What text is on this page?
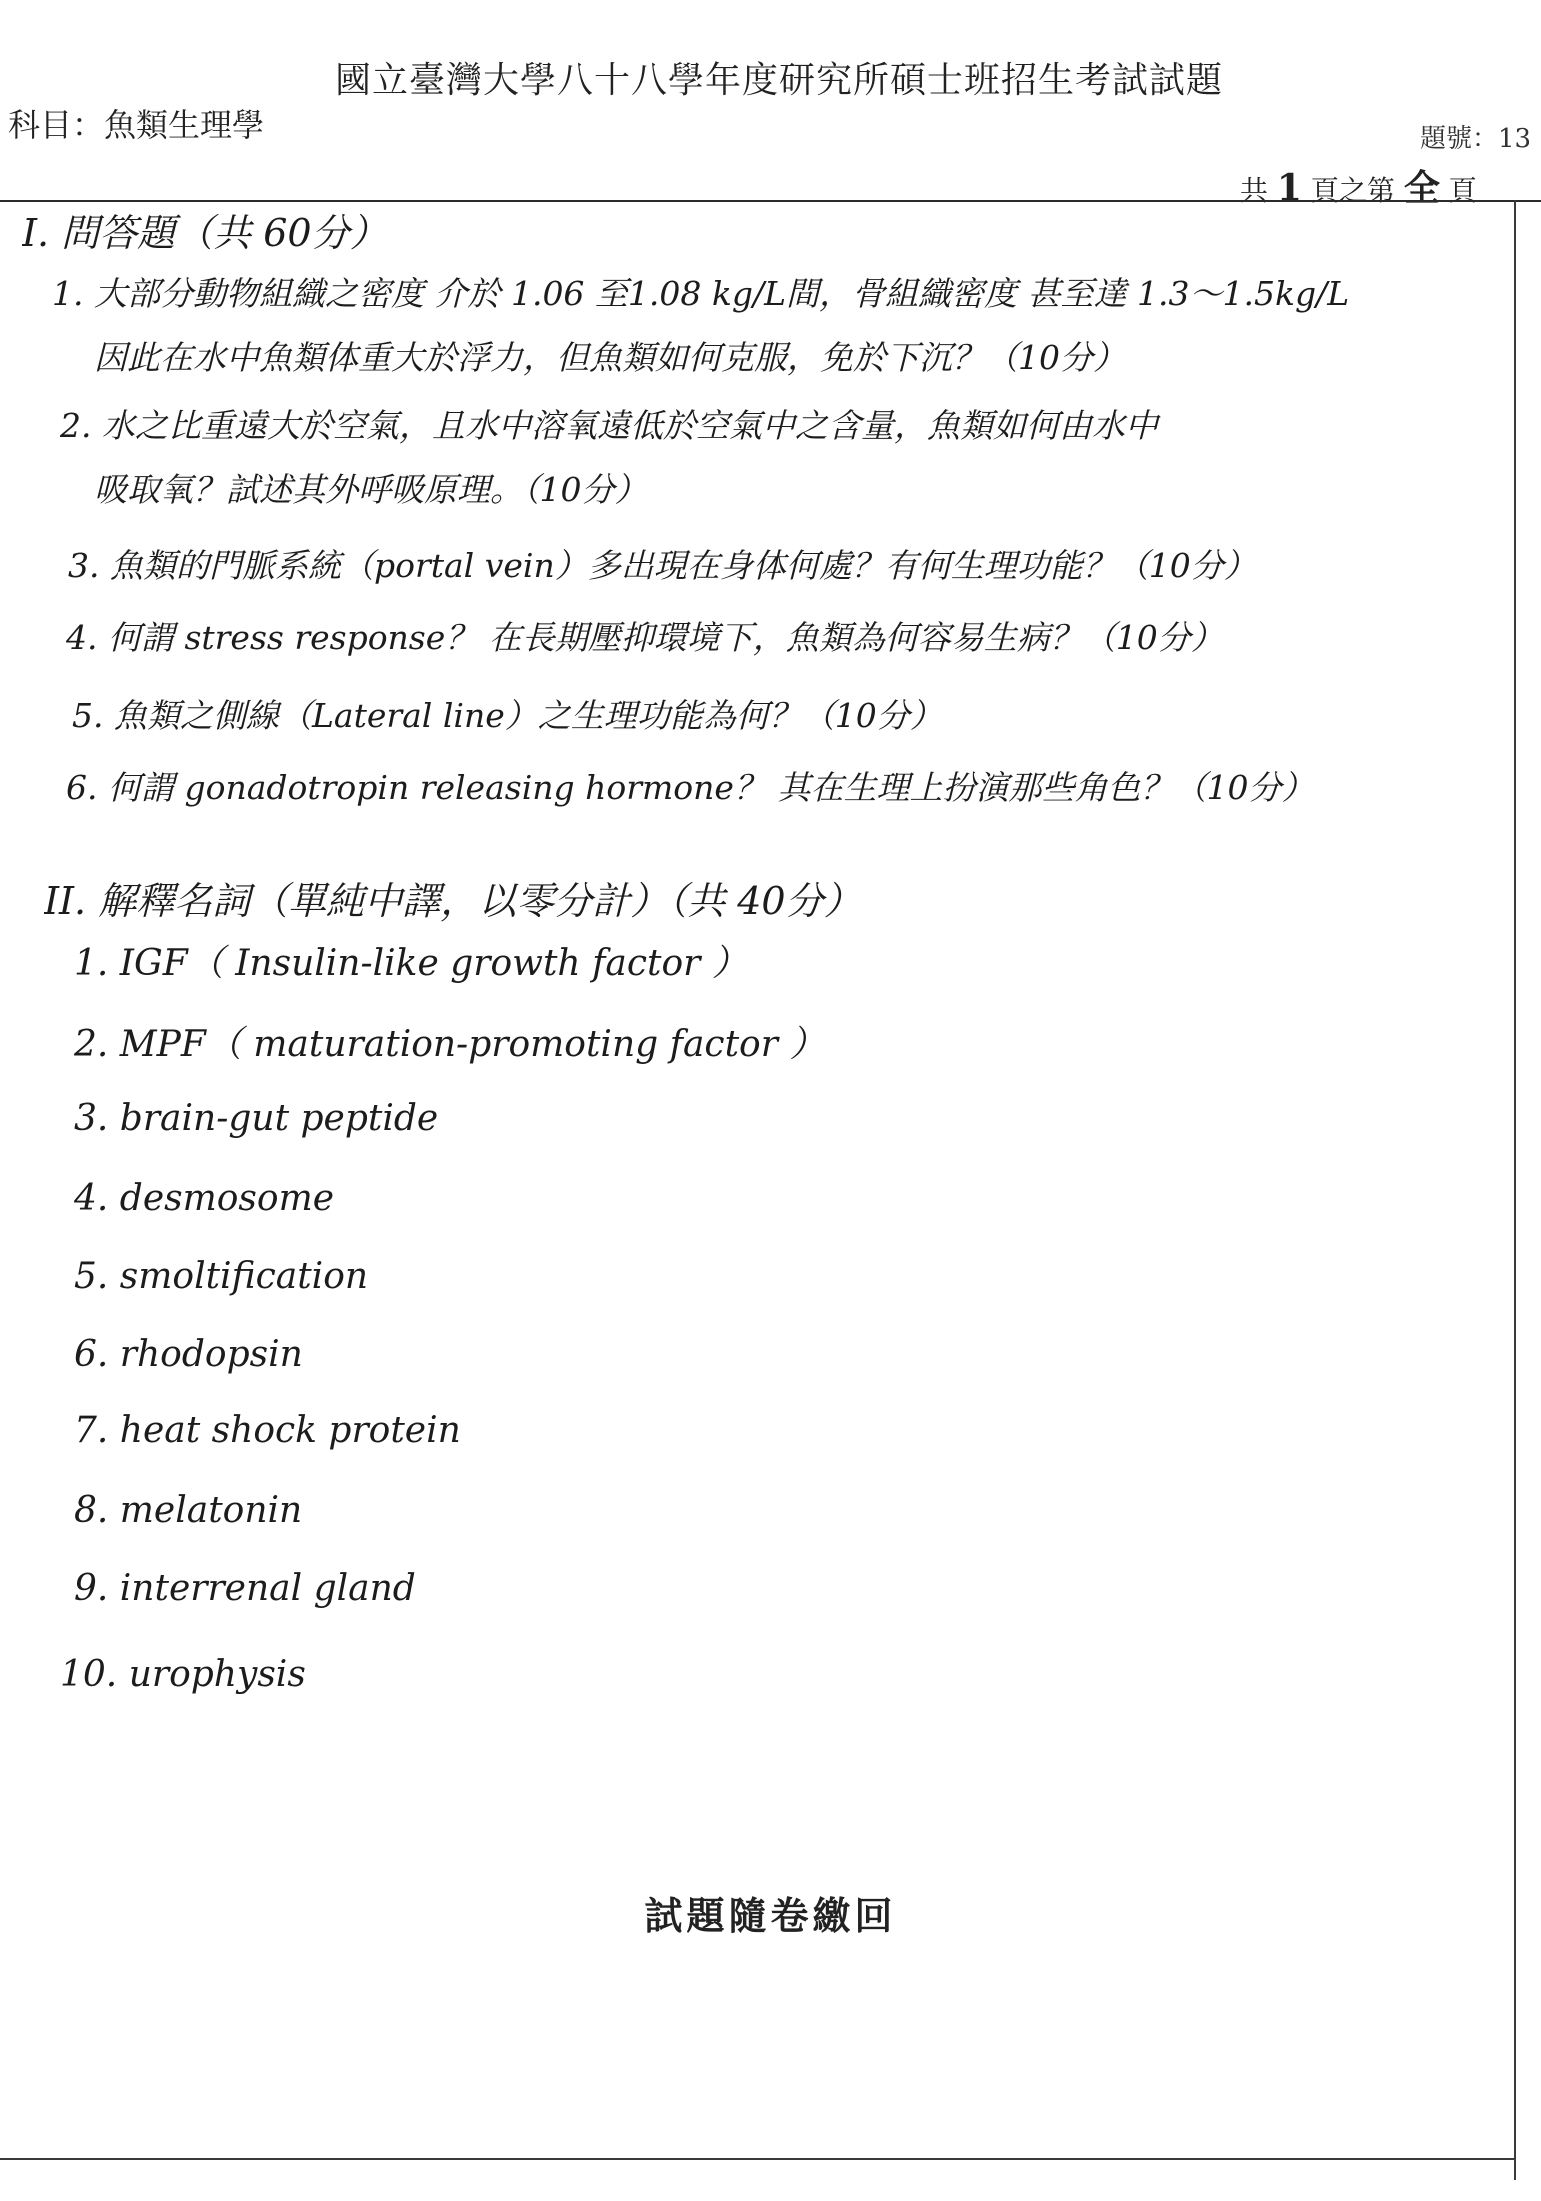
國立臺灣大學八十八學年度研究所碩士班招生考試試題
科目：魚類生理學	題號：13
共 1 頁之第 全 頁
I. 問答題（共 60分）
1. 大部分動物組織之密度 介於 1.06 至1.08 kg/L間，骨組織密度 甚至達 1.3～1.5kg/L
因此在水中魚類体重大於浮力，但魚類如何克服，免於下沉？（10分）
2. 水之比重遠大於空氣，且水中溶氧遠低於空氣中之含量，魚類如何由水中
吸取氧？試述其外呼吸原理。（10分）
3. 魚類的門脈系統（portal vein）多出現在身体何處？有何生理功能？（10分）
4. 何謂 stress response？ 在長期壓抑環境下，魚類為何容易生病？（10分）
5. 魚類之側線（Lateral line）之生理功能為何？（10分）
6. 何謂 gonadotropin releasing hormone？ 其在生理上扮演那些角色？（10分）
II. 解釋名詞（單純中譯，以零分計）（共 40分）
1. IGF（ Insulin-like growth factor ）
2. MPF（ maturation-promoting factor ）
3. brain-gut peptide
4. desmosome
5. smoltification
6. rhodopsin
7. heat shock protein
8. melatonin
9. interrenal gland
10. urophysis
試題隨卷繳回
